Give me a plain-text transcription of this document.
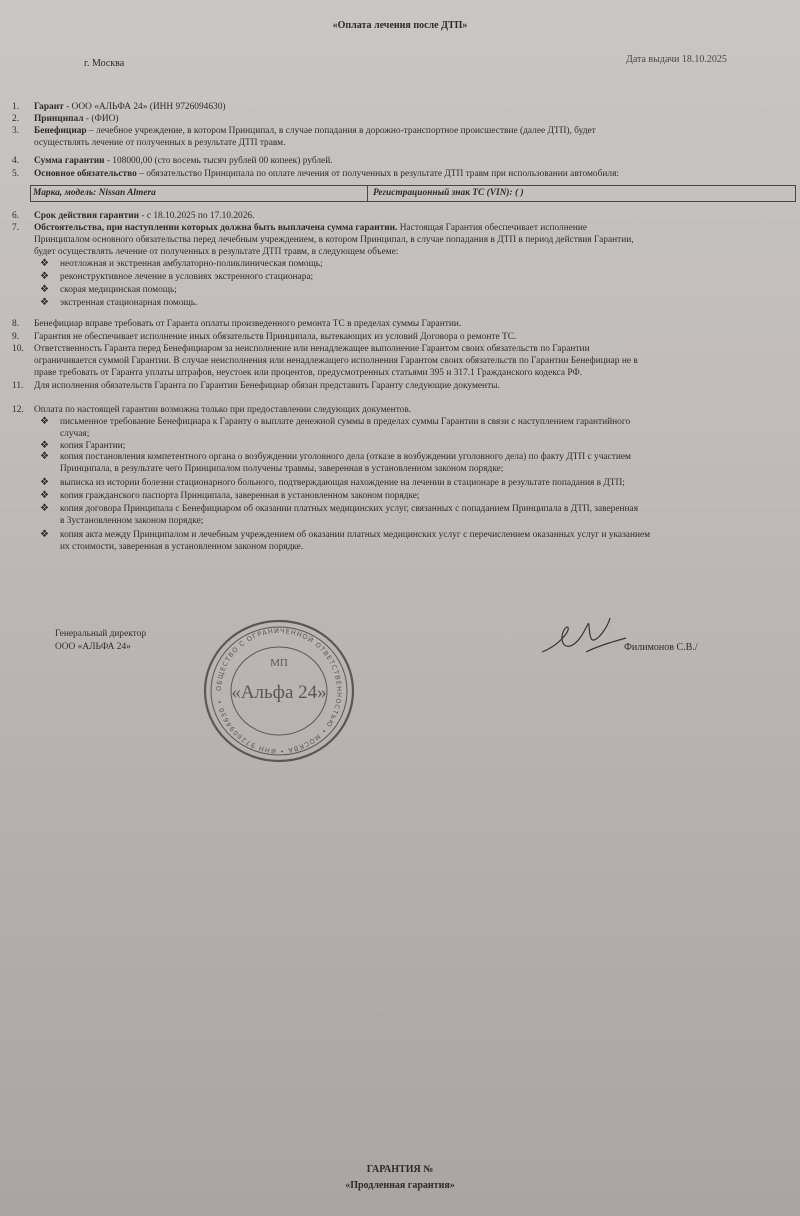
«Оплата лечения после ДТП»
г. Москва	Дата выдачи 18.10.2025
1.	Гарант - ООО «АЛЬФА 24» (ИНН 9726094630)
2.	Принципал - (ФИО)
3.	Бенефициар – лечебное учреждение, в котором Принципал, в случае попадания в дорожно-транспортное происшествие (далее ДТП), будет
осуществлять лечение от полученных в результате ДТП травм.
4.	Сумма гарантии - 108000,00 (сто восемь тысяч рублей 00 копеек) рублей.
5.	Основное обязательство – обязательство Принципала по оплате лечения от полученных в результате ДТП травм при использовании автомобиля:
6.	Срок действия гарантии - с 18.10.2025 по 17.10.2026.
7.	Обстоятельства, при наступлении которых должна быть выплачена сумма гарантии. Настоящая Гарантия обеспечивает исполнение
Принципалом основного обязательства перед лечебным учреждением, в котором Принципал, в случае попадания в ДТП в период действия Гарантии,
будет осуществлять лечение от полученных в результате ДТП травм, в следующем объеме:
8.	Бенефициар вправе требовать от Гаранта оплаты произведенного ремонта ТС в пределах суммы Гарантии.
9.	Гарантия не обеспечивает исполнение иных обязательств Принципала, вытекающих из условий Договора о ремонте ТС.
10.	Ответственность Гаранта перед Бенефициаром за неисполнение или ненадлежащее выполнение Гарантом своих обязательств по Гарантии
ограничивается суммой Гарантии. В случае неисполнения или ненадлежащего исполнения Гарантом своих обязательств по Гарантии Бенефициар не в
праве требовать от Гаранта уплаты штрафов, неустоек или процентов, предусмотренных статьями 395 и 317.1 Гражданского кодекса РФ.
11.	Для исполнения обязательств Гаранта по Гарантии Бенефициар обязан представить Гаранту следующие документы.
12.	Оплата по настоящей гарантии возможна только при предоставлении следующих документов.
Марка, модель: Nissan Almera	Регистрационный знак ТС (VIN): ( )
❖ неотложная и экстренная амбулаторно-поликлиническая помощь;
❖ реконструктивное лечение в условиях экстренного стационара;
❖ скорая медицинская помощь;
❖ экстренная стационарная помощь.
❖ письменное требование Бенефициара к Гаранту о выплате денежной суммы в пределах суммы Гарантии в связи с наступлением гарантийного
случая;
❖ копия Гарантии;
❖ копия постановления компетентного органа о возбуждении уголовного дела (отказе в возбуждении уголовного дела) по факту ДТП с участием
Принципала, в результате чего Принципалом получены травмы, заверенная в установленном законом порядке;
❖ выписка из истории болезни стационарного больного, подтверждающая нахождение на лечении в стационаре в результате попадания в ДТП;
❖ копия гражданского паспорта Принципала, заверенная в установленном законом порядке;
❖ копия договора Принципала с Бенефициаром об оказании платных медицинских услуг, связанных с попаданием Принципала в ДТП, заверенная
в 3установленном законом порядке;
❖ копия акта между Принципалом и лечебным учреждением об оказании платных медицинских услуг с перечислением оказанных услуг и указанием
их стоимости, заверенная в установленном законом порядке.
Генеральный директор
ООО «АЛЬФА 24»	Филимонов С.В./
ОБЩЕСТВО С ОГРАНИЧЕННОЙ ОТВЕТСТВЕННОСТЬЮ • МОСКВА • ИНН 9726094630 •
МП
«Альфа 24»
ГАРАНТИЯ №
«Продленная гарантия»
